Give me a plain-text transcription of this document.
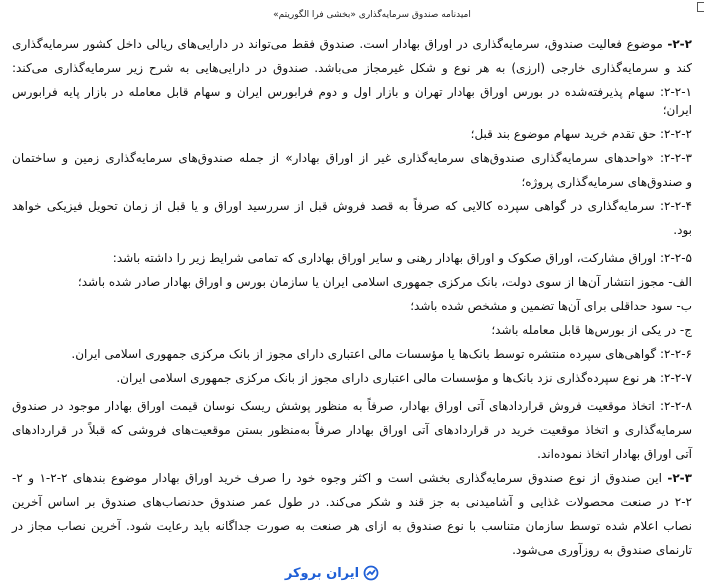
امیدنامه صندوق سرمایه‌گذاری «بخشی فرا الگوریتم»
۲-۲- موضوع فعالیت صندوق، سرمایه‌گذاری در اوراق بهادار است. صندوق فقط می‌تواند در دارایی‌های ریالی داخل کشور سرمایه‌گذاری
کند و سرمایه‌گذاری خارجی (ارزی) به هر نوع و شکل غیرمجاز می‌باشد. صندوق در دارایی‌هایی به شرح زیر سرمایه‌گذاری می‌کند:
۲-۲-۱: سهام پذیرفته‌شده در بورس اوراق بهادار تهران و بازار اول و دوم فرابورس ایران و سهام قابل معامله در بازار پایه فرابورس ایران؛
۲-۲-۲: حق تقدم خرید سهام موضوع بند قبل؛
۲-۲-۳: «واحدهای سرمایه‌گذاری صندوق‌های سرمایه‌گذاری غیر از اوراق بهادار» از جمله صندوق‌های سرمایه‌گذاری زمین و ساختمان
و صندوق‌های سرمایه‌گذاری پروژه؛
۲-۲-۴: سرمایه‌گذاری در گواهی سپرده کالایی که صرفاً به قصد فروش قبل از سررسید اوراق و یا قبل از زمان تحویل فیزیکی خواهد
بود.
۲-۲-۵: اوراق مشارکت، اوراق صکوک و اوراق بهادار رهنی و سایر اوراق بهاداری که تمامی شرایط زیر را داشته باشد:
الف- مجوز انتشار آن‌ها از سوی دولت، بانک مرکزی جمهوری اسلامی ایران یا سازمان بورس و اوراق بهادار صادر شده باشد؛
ب- سود حداقلی برای آن‌ها تضمین و مشخص شده باشد؛
ج- در یکی از بورس‌ها قابل معامله باشد؛
۲-۲-۶: گواهی‌های سپرده منتشره توسط بانک‌ها یا مؤسسات مالی اعتباری دارای مجوز از بانک مرکزی جمهوری اسلامی ایران.
۲-۲-۷: هر نوع سپرده‌گذاری نزد بانک‌ها و مؤسسات مالی اعتباری دارای مجوز از بانک مرکزی جمهوری اسلامی ایران.
۲-۲-۸: اتخاذ موقعیت فروش قراردادهای آتی اوراق بهادار، صرفاً به منظور پوشش ریسک نوسان قیمت اوراق بهادار موجود در صندوق
سرمایه‌گذاری و اتخاذ موقعیت خرید در قراردادهای آتی اوراق بهادار صرفاً به‌منظور بستن موقعیت‌های فروشی که قبلاً در قراردادهای
آتی اوراق بهادار اتخاذ نموده‌اند.
۲-۳- این صندوق از نوع صندوق سرمایه‌گذاری بخشی است و اکثر وجوه خود را صرف خرید اوراق بهادار موضوع بندهای ۲-۲-۱ و ۲-
۲-۲ در صنعت محصولات غذایی و آشامیدنی به جز قند و شکر می‌کند. در طول عمر صندوق حدنصاب‌های صندوق بر اساس آخرین
نصاب اعلام شده توسط سازمان متناسب با نوع صندوق به ازای هر صنعت به صورت جداگانه باید رعایت شود. آخرین نصاب مجاز در
تارنمای صندوق به روزآوری می‌شود.
ایران بروکر
